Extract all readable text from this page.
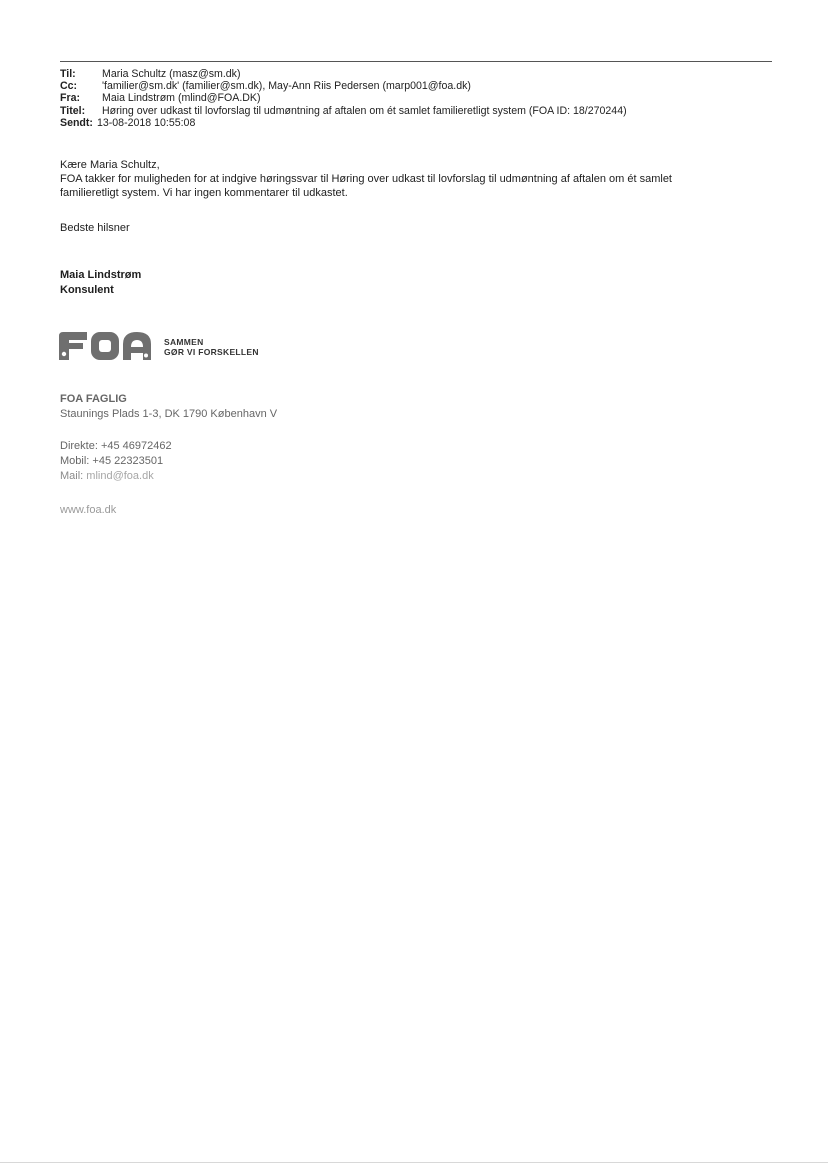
Til:	Maria Schultz (masz@sm.dk)
Cc:	'familier@sm.dk' (familier@sm.dk), May-Ann Riis Pedersen (marp001@foa.dk)
Fra:	Maia Lindstrøm (mlind@FOA.DK)
Titel:	Høring over udkast til lovforslag til udmøntning af aftalen om ét samlet familieretligt system (FOA ID: 18/270244)
Sendt: 13-08-2018 10:55:08

Kære Maria Schultz,

FOA takker for muligheden for at indgive høringssvar til Høring over udkast til lovforslag til udmøntning af aftalen om ét samlet

familieretligt system. Vi har ingen kommentarer til udkastet.

Bedste hilsner
Maia Lindstrøm
Konsulent
SAMMEN
GØR VI FORSKELLEN
FOA FAGLIG
Staunings Plads 1-3, DK 1790 København V
Direkte: +45 46972462
Mobil: +45 22323501
Mail: mlind@foa.dk
www.foa.dk
